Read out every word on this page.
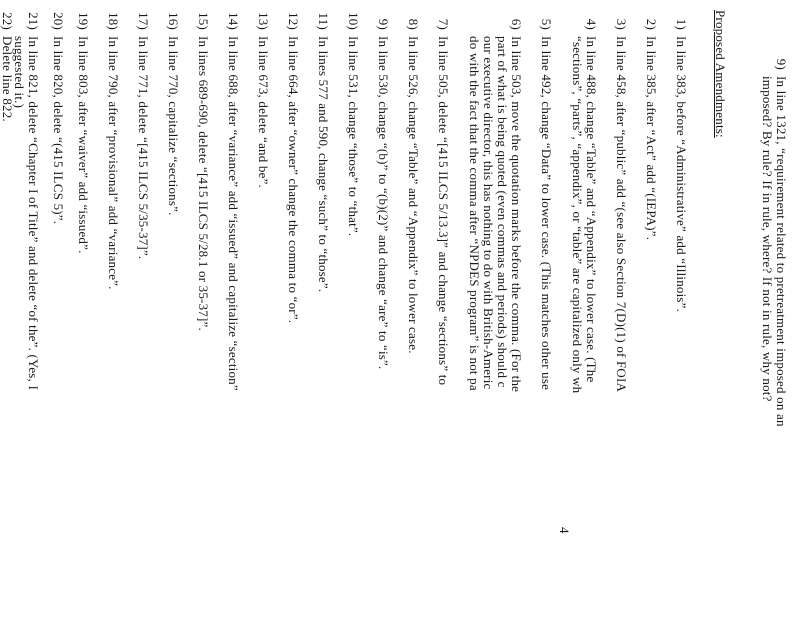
9)
In line 1321, “requirement related to pretreatment imposed on an
imposed? By rule? If in rule, where? If not in rule, why not?
Proposed Amendments:
1)
In line 383, before “Administrative” add “Illinois”.
2)
In line 385, after “Act” add “(IEPA)”.
3)
In line 458, after “public” add “(see also Section 7(D)(1) of FOIA
4)
In line 488, change “Table” and “Appendix” to lower case. (The
“sections”, “parts”, “appendix”, or “table” are capitalized only wh
5)
In line 492, change “Data” to lower case. (This matches other use
6)
In line 503, move the quotation marks before the comma. (For the
part of what is being quoted (even commas and periods) should c
our executive director, this has nothing to do with British-Americ
do with the fact that the comma after “NPDES program” is not pa
7)
In line 505, delete “[415 ILCS 5/13.3]” and change “sections” to
8)
In line 526, change “Table” and “Appendix” to lower case.
9)
In line 530, change “(b)” to “(b)(2)” and change “are” to “is”.
10)
In line 531, change “those” to “that”.
11)
In lines 577 and 590, change “such” to “those”.
12)
In line 664, after “owner” change the comma to “or”.
13)
In line 673, delete “and be”.
14)
In line 688, after “variance” add “issued” and capitalize “section”
15)
In lines 689-690, delete “[415 ILCS 5/28.1 or 35-37]”.
16)
In line 770, capitalize “sections”.
17)
In line 771, delete “[415 ILCS 5/35-37]”.
18)
In line 790, after “provisional” add “variance”.
19)
In line 803, after “waiver” add “issued”.
20)
In line 820, delete “(415 ILCS 5)”.
21)
In line 821, delete “Chapter I of Title” and delete “of the”. (Yes, I
suggested it.)
22)
Delete line 822.
4
